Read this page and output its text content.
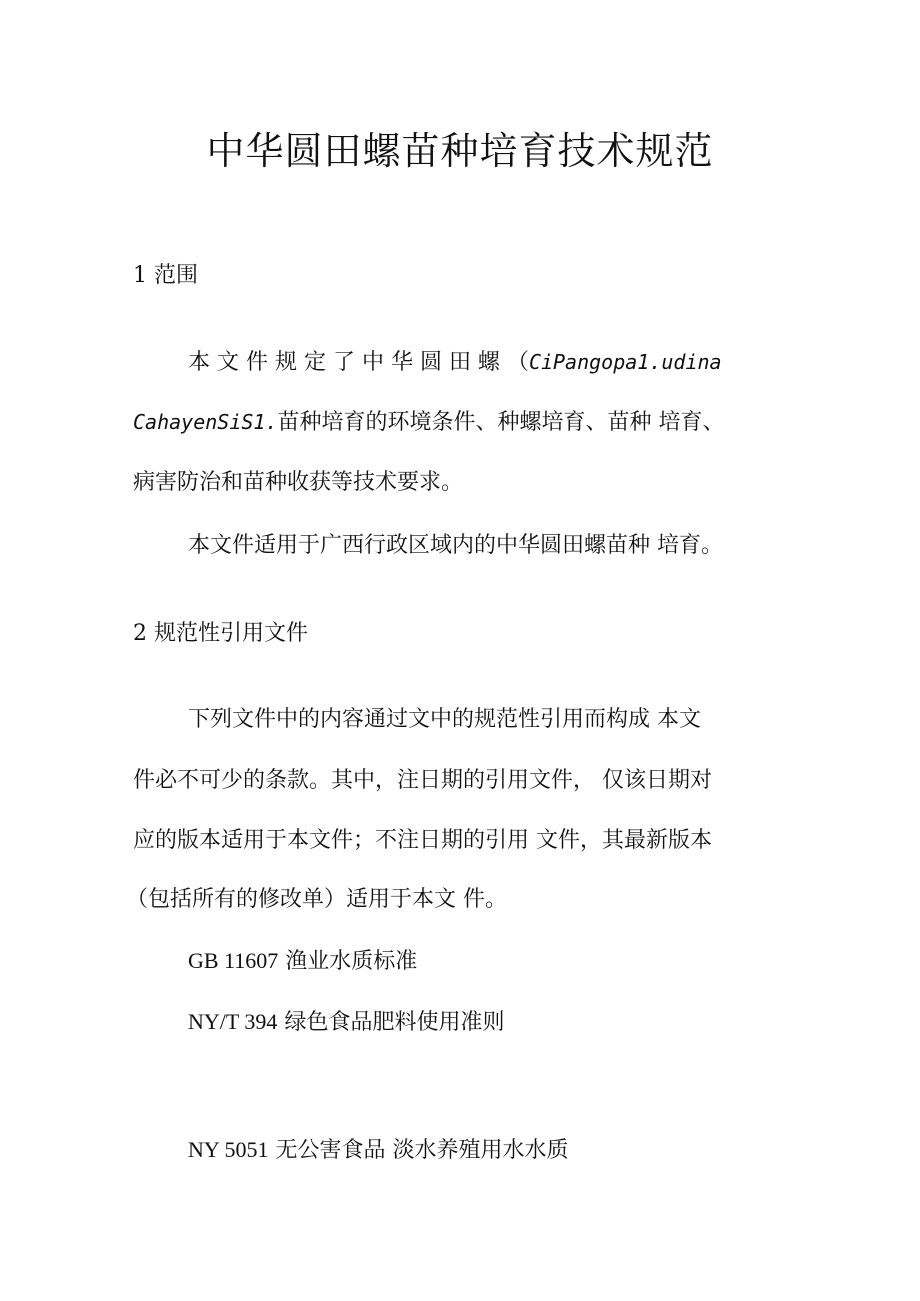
中华圆田螺苗种培育技术规范
1 范围
本 文 件 规 定 了 中 华 圆 田 螺 （CiPangopa1.udina
CahayenSiS1.苗种培育的环境条件、种螺培育、苗种 培育、
病害防治和苗种收获等技术要求。
本文件适用于广西行政区域内的中华圆田螺苗种 培育。
2 规范性引用文件
下列文件中的内容通过文中的规范性引用而构成 本文
件必不可少的条款。其中，注日期的引用文件， 仅该日期对
应的版本适用于本文件；不注日期的引用 文件，其最新版本
（包括所有的修改单）适用于本文 件。
GB 11607 渔业水质标准
NY/T 394 绿色食品肥料使用准则
NY 5051 无公害食品 淡水养殖用水水质
